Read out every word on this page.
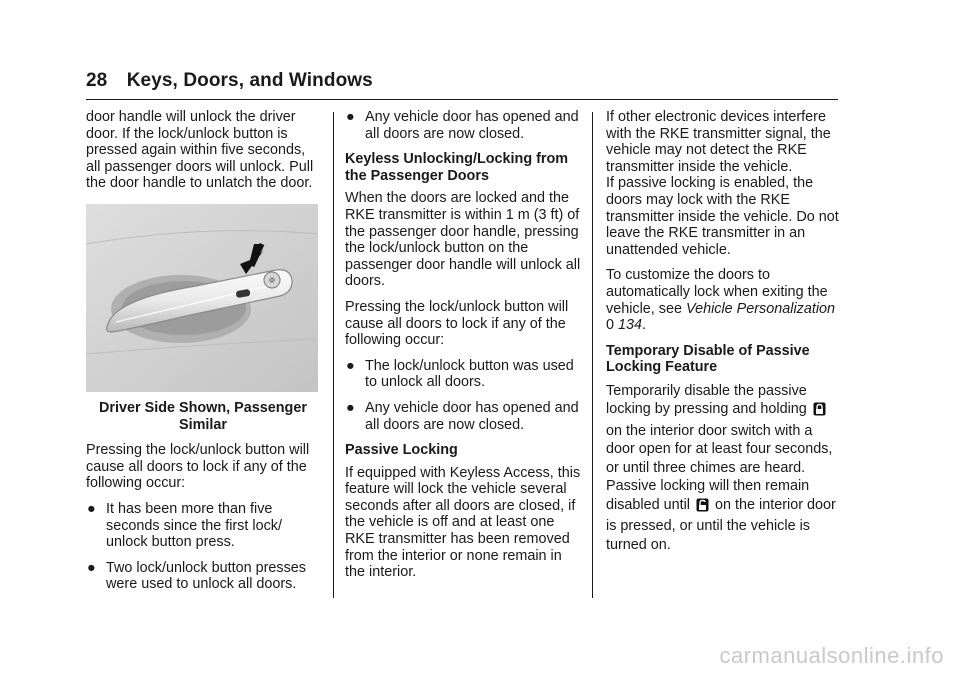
28 Keys, Doors, and Windows

door handle will unlock the driver door. If the lock/unlock button is pressed again within five seconds, all passenger doors will unlock. Pull the door handle to unlatch the door.

Driver Side Shown, Passenger
Similar

Pressing the lock/unlock button will cause all doors to lock if any of the following occur:

● It has been more than five seconds since the first lock/ unlock button press.
● Two lock/unlock button presses were used to unlock all doors.
● Any vehicle door has opened and all doors are now closed.
Keyless Unlocking/Locking from the Passenger Doors

When the doors are locked and the RKE transmitter is within 1 m (3 ft) of the passenger door handle, pressing the lock/unlock button on the passenger door handle will unlock all doors.

Pressing the lock/unlock button will cause all doors to lock if any of the following occur:

● The lock/unlock button was used to unlock all doors.
● Any vehicle door has opened and all doors are now closed.
Passive Locking

If equipped with Keyless Access, this feature will lock the vehicle several seconds after all doors are closed, if the vehicle is off and at least one RKE transmitter has been removed from the interior or none remain in the interior.

If other electronic devices interfere with the RKE transmitter signal, the vehicle may not detect the RKE transmitter inside the vehicle.

If passive locking is enabled, the doors may lock with the RKE transmitter inside the vehicle. Do not leave the RKE transmitter in an unattended vehicle.

To customize the doors to automatically lock when exiting the vehicle, see Vehicle Personalization
0 134.

Temporary Disable of Passive Locking Feature

Temporarily disable the passive locking by pressing and holding  on the interior door switch with a door open for at least four seconds, or until three chimes are heard. Passive locking will then remain disabled until on the interior door is pressed, or until the vehicle is turned on.

carmanualsonline.info
